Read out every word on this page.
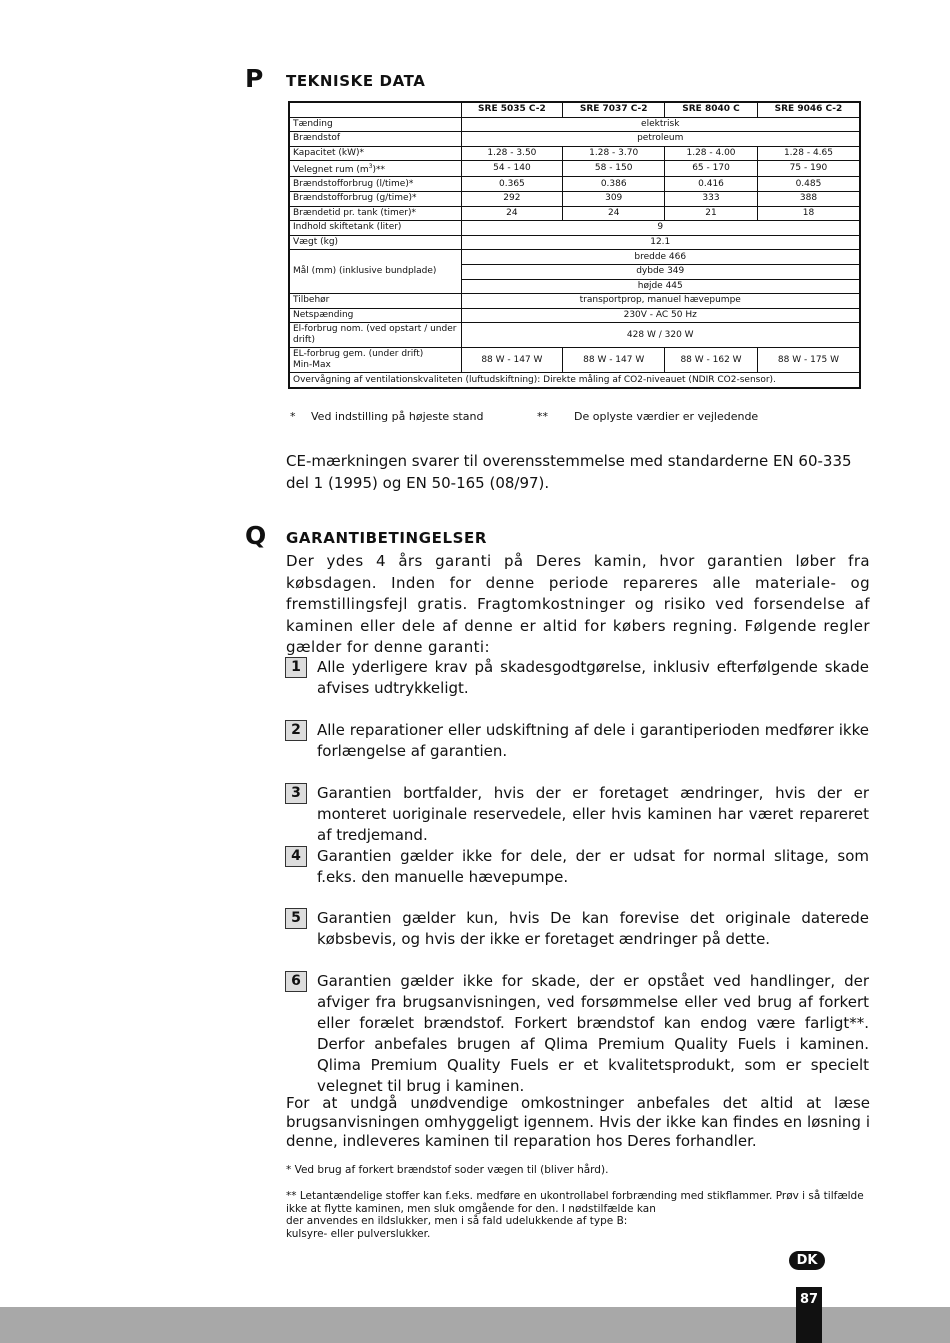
P TEKNISKE DATA
	SRE 5035 C-2	SRE 7037 C-2	SRE 8040 C	SRE 9046 C-2
Tænding	elektrisk			
Brændstof	petroleum			
Kapacitet (kW)*	1.28 - 3.50	1.28 - 3.70	1.28 - 4.00	1.28 - 4.65
Velegnet rum $(m^3)**$	54 - 140	58 - 150	65 - 170	75 - 190
Brændstofforbrug (l/time)*	0.365	0.386	0.416	0.485
Brændstofforbrug (g/time)*	292	309	333	388
Brændetid pr. tank (timer)*	24	24	21	18
Indhold skiftetank (liter)	9			
Vægt (kg)	12.1			
Mål (mm) (inklusive bundplade)	bredde 466			
	dybde 349			
	højde 445			
Tilbehør	transportprop, manuel hævepumpe			
Netspænding	230V - AC 50 Hz			
El-forbrug nom. (ved opstart / under drift)	428 W / 320 W			

EL-forbrug gem. (under drift)
Min-Max	88 W - 147 W	88 W - 147 W	88 W - 162 W	88 W - 175 W
Overvågning af ventilationskvaliteten (luftudskiftning): Direkte måling af CO2-niveauet (NDIR CO2-sensor).				
* Ved indstilling på højeste stand	** De oplyste værdier er vejledende
CE-mærkningen svarer til overensstemmelse med standarderne EN 60-335 del 1 (1995) og EN 50-165 (08/97).
Q GARANTIBETINGELSER
Der ydes 4 års garanti på Deres kamin, hvor garantien løber fra købsdagen. Inden for denne periode repareres alle materiale- og fremstillingsfejl gratis. Fragtomkostninger og risiko ved forsendelse af kaminen eller dele af denne er altid for købers regning. Følgende regler gælder for denne garanti:
1	Alle yderligere krav på skadesgodtgørelse, inklusiv efterfølgende skade afvises udtrykkeligt.
2	Alle reparationer eller udskiftning af dele i garantiperioden medfører ikke forlængelse af garantien.
3	Garantien bortfalder, hvis der er foretaget ændringer, hvis der er monteret uoriginale reservedele, eller hvis kaminen har været repareret af tredjemand.
4	Garantien gælder ikke for dele, der er udsat for normal slitage, som f.eks. den manuelle hævepumpe.
5	Garantien gælder kun, hvis De kan forevise det originale daterede købsbevis, og hvis der ikke er foretaget ændringer på dette.
6	Garantien gælder ikke for skade, der er opstået ved handlinger, der afviger fra brugsanvisningen, ved forsømmelse eller ved brug af forkert eller forælet brændstof. Forkert brændstof kan endog være farligt**. Derfor anbefales brugen af Qlima Premium Quality Fuels i kaminen. Qlima Premium Quality Fuels er et kvalitetsprodukt, som er specielt velegnet til brug i kaminen.
For at undgå unødvendige omkostninger anbefales det altid at læse brugsanvisningen omhyggeligt igennem. Hvis der ikke kan findes en løsning i denne, indleveres kaminen til reparation hos Deres forhandler.
* Ved brug af forkert brændstof soder vægen til (bliver hård).
** Letantændelige stoffer kan f.eks. medføre en ukontrollabel forbrænding med stikflammer. Prøv i så tilfælde
ikke at flytte kaminen, men sluk omgående for den. I nødstilfælde kan
der anvendes en ildslukker, men i så fald udelukkende af type B:
kulsyre- eller pulverslukker.
DK
87
